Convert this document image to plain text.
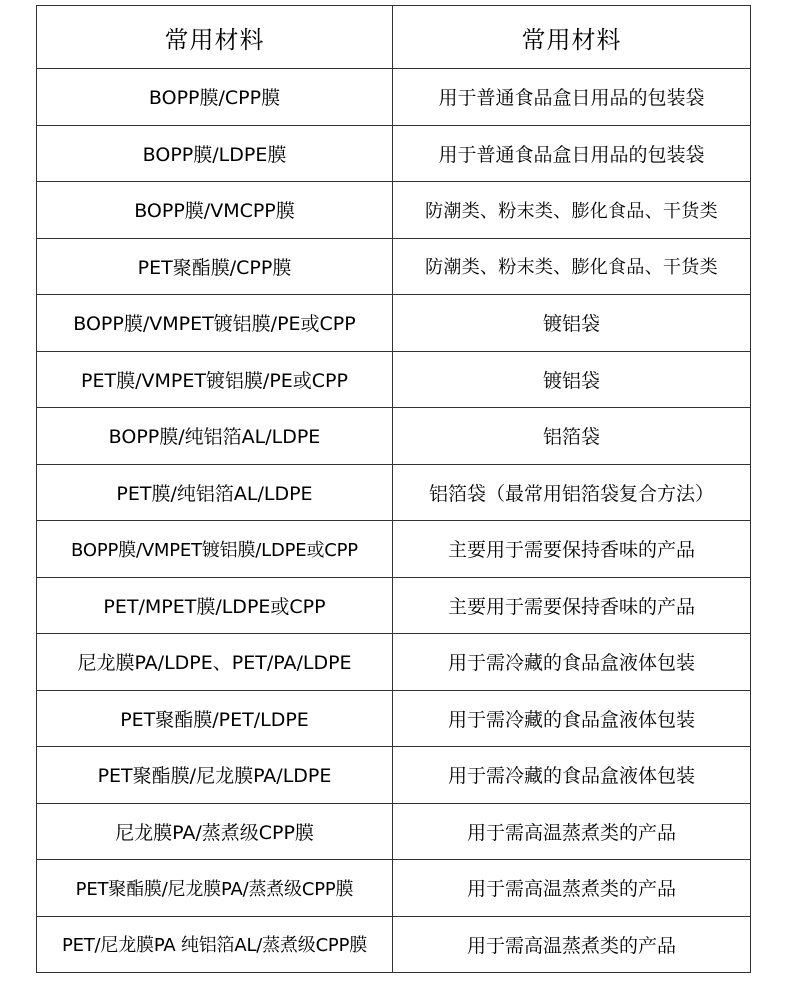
常用材料	常用材料
BOPP膜/CPP膜	用于普通食品盒日用品的包装袋
BOPP膜/LDPE膜	用于普通食品盒日用品的包装袋
BOPP膜/VMCPP膜	防潮类、粉末类、膨化食品、干货类
PET聚酯膜/CPP膜	防潮类、粉末类、膨化食品、干货类
BOPP膜/VMPET镀铝膜/PE或CPP	镀铝袋
PET膜/VMPET镀铝膜/PE或CPP	镀铝袋
BOPP膜/纯铝箔AL/LDPE	铝箔袋
PET膜/纯铝箔AL/LDPE	铝箔袋（最常用铝箔袋复合方法）
BOPP膜/VMPET镀铝膜/LDPE或CPP	主要用于需要保持香味的产品
PET/MPET膜/LDPE或CPP	主要用于需要保持香味的产品
尼龙膜PA/LDPE、PET/PA/LDPE	用于需冷藏的食品盒液体包装
PET聚酯膜/PET/LDPE	用于需冷藏的食品盒液体包装
PET聚酯膜/尼龙膜PA/LDPE	用于需冷藏的食品盒液体包装
尼龙膜PA/蒸煮级CPP膜	用于需高温蒸煮类的产品
PET聚酯膜/尼龙膜PA/蒸煮级CPP膜	用于需高温蒸煮类的产品
PET/尼龙膜PA 纯铝箔AL/蒸煮级CPP膜	用于需高温蒸煮类的产品
